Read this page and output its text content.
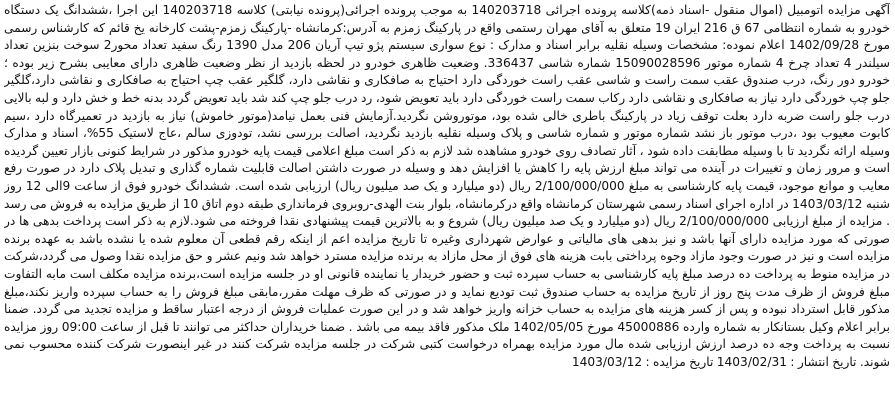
آگهی مزایده اتومبیل (اموال منقول -اسناد ذمه)کلاسه پرونده اجرائی 140203718 به موجب پرونده اجرائی(پرونده نیابتی) کلاسه 140203718 این اجرا ،ششدانگ یک دستگاه خودرو به شماره انتظامی 67 ق 216 ایران 19 متعلق به آقای مهران رستمی واقع در پارکینگ زمزم به آدرس:کرمانشاه -پارکینگ زمزم-پشت کارخانه یخ قائم که کارشناس رسمی مورخ 1402/09/28 اعلام نموده: مشخصات وسیله نقلیه برابر اسناد و مدارک : نوع سواری سیستم پژو تیپ آریان 206 مدل 1390 رنگ سفید تعداد محور2 سوخت بنزین تعداد سیلندر 4 تعداد چرخ 4 شماره موتور 15090028596 شماره شاسی 336437. وضعیت ظاهری خودرو در لحظه بازدید از نظر وضعیت ظاهری دارای معایبی بشرح زیر بوده ؛ خودرو دور رنگ، درب صندوق عقب سمت راست و شاسی عقب راست خوردگی دارد احتیاج به صافکاری و نقاشی دارد، گلگیر عقب چپ احتیاج به صافکاری و نقاشی دارد،گلگیر جلو چپ خوردگی دارد نیاز به صافکاری و نقاشی دارد رکاب سمت راست خوردگی دارد باید تعویض شود، رد درب جلو چپ کند شد باید تعویض گردد بدنه خط و خش دارد و لبه بالایی درب جلو راست ضربه دارد بعلت توقف زیاد در پارکینگ باطری خالی شده بود، موتوروشن نگردید.آزمایش فنی بعمل نیامد(موتور خاموش) نیاز به بازدید در تعمیرگاه دارد ،سیم کابوت معیوب بود ،درب موتور باز نشد شماره موتور و شماره شاسی و پلاک وسیله نقلیه بازدید نگردید، اصالت بررسی نشد، تودوزی سالم ،عاج لاستیک 55%، اسناد و مدارک وسیله ارائه نگردید تا با وسیله مطابقت داده شود ، آثار تصادف روی خودرو مشاهده شد لازم به ذکر است مبلغ اعلامی قیمت پایه خودرو مذکور در شرایط کنونی بازار تعیین گردیده است و مرور زمان و تغییرات در آینده می تواند مبلغ ارزش پایه را کاهش یا افزایش دهد و وسیله در صورت داشتن اصالت قابلیت شماره گذاری و تبدیل پلاک دارد در صورت رفع معایب و موانع موجود، قیمت پایه کارشناسی به مبلغ 2/100/000/000 ریال (دو میلیارد و یک صد میلیون ریال) ارزیابی شده است. ششدانگ خودرو فوق از ساعت 9الی 12 روز شنبه 1403/03/12 در اداره اجرای اسناد رسمی شهرستان کرمانشاه واقع درکرمانشاه، بلوار بنت الهدی-روبروی فرمانداری طبقه دوم اتاق 10 از طریق مزایده به فروش می رسد . مزایده از مبلغ ارزیابی 2/100/000/000 ریال (دو میلیارد و یک صد میلیون ریال) شروع و به بالاترین قیمت پیشنهادی نقدا فروخته می شود.لازم به ذکر است پرداخت بدهی ها در صورتی که مورد مزایده دارای آنها باشد و نیز بدهی های مالیاتی و عوارض شهرداری وغیره تا تاریخ مزایده اعم از اینکه رقم قطعی آن معلوم شده یا نشده باشد به عهده برنده مزایده است و نیز در صورت وجود مازاد وجوه پرداختی بابت هزینه های فوق از محل مازاد به برنده مزایده مسترد خواهد شد ونیم عشر و حق مزایده نقدا وصول می گردد،شرکت در مزایده منوط به پرداخت ده درصد مبلغ پایه کارشناسی به حساب سپرده ثبت و حضور خریدار یا نماینده قانونی او در جلسه مزایده است،برنده مزایده مکلف است مابه التفاوت مبلغ فروش از ظرف مدت پنج روز از تاریخ مزایده به حساب صندوق ثبت تودیع نماید و در صورتی که ظرف مهلت مقرر،مابقی مبلغ فروش را به حساب سپرده واریز نکند،مبلغ مذکور قابل استرداد نبوده و پس از کسر هزینه های مزایده به حساب خزانه واریز خواهد شد و در این صورت عملیات فروش از درجه اعتبار ساقط و مزایده تجدید می گردد. ضمنا برابر اعلام وکیل بستانکار به شماره وارده 45000886 مورخ 1402/05/05 ملک مذکور فاقد بیمه می باشد . ضمنا خریداران حداکثر می توانند تا قبل از ساعت 09:00 روز مزایده نسبت به پرداخت وجه ده درصد ارزش ارزیابی شده مال مورد مزایده بهمراه درخواست کتبی شرکت در جلسه مزایده شرکت کنند در غیر اینصورت شرکت کننده محسوب نمی شوند. تاریخ انتشار : 1403/02/31 تاریخ مزایده : 1403/03/12
